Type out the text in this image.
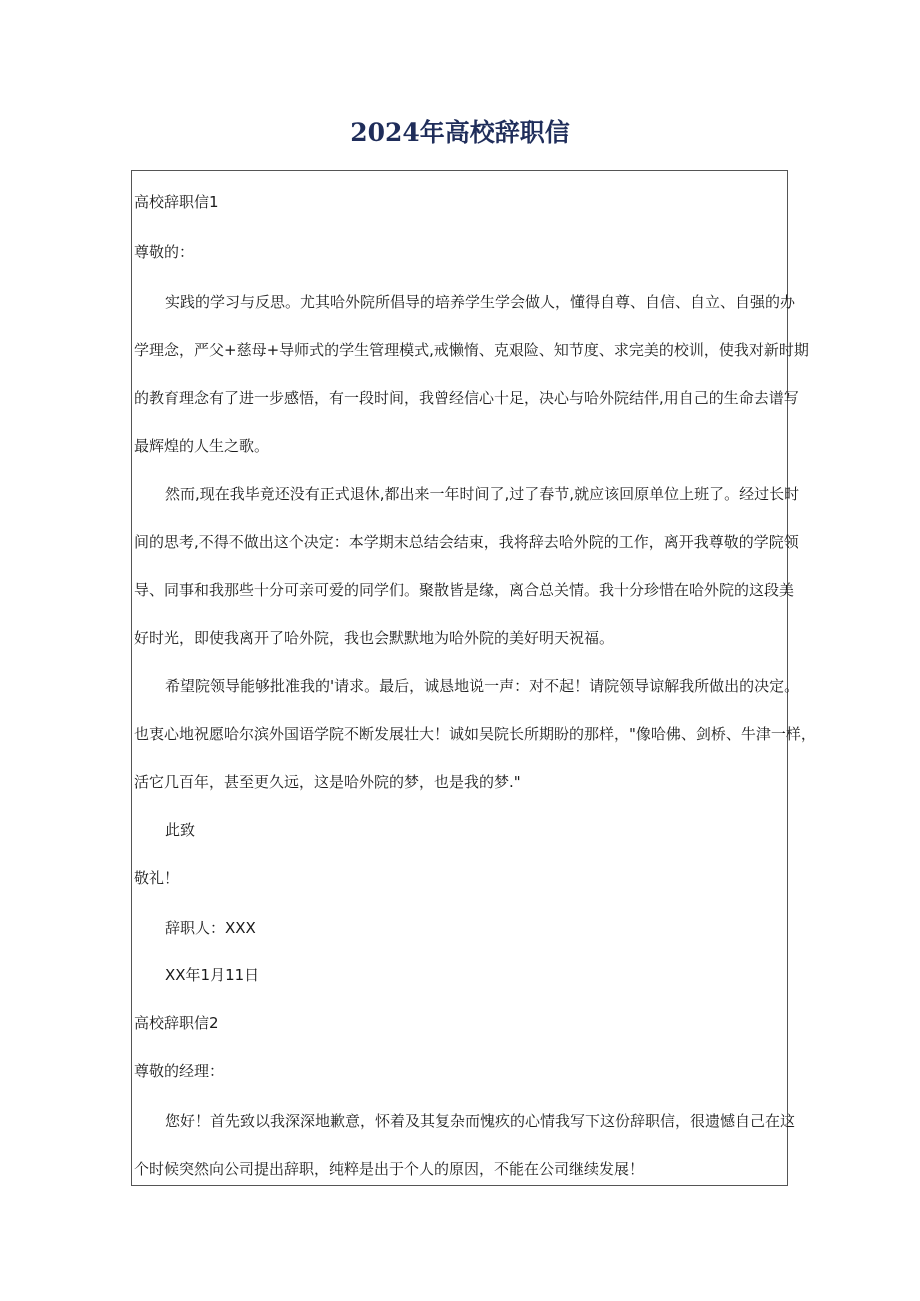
2024年高校辞职信

高校辞职信1

尊敬的：

实践的学习与反思。尤其哈外院所倡导的培养学生学会做人，懂得自尊、自信、自立、自强的办
学理念，严父+慈母+导师式的学生管理模式,戒懒惰、克艰险、知节度、求完美的校训，使我对新时期
的教育理念有了进一步感悟，有一段时间，我曾经信心十足，决心与哈外院结伴,用自己的生命去谱写
最辉煌的人生之歌。
然而,现在我毕竟还没有正式退休,都出来一年时间了,过了春节,就应该回原单位上班了。经过长时
间的思考,不得不做出这个决定：本学期末总结会结束，我将辞去哈外院的工作，离开我尊敬的学院领
导、同事和我那些十分可亲可爱的同学们。聚散皆是缘，离合总关情。我十分珍惜在哈外院的这段美
好时光，即使我离开了哈外院，我也会默默地为哈外院的美好明天祝福。
希望院领导能够批准我的'请求。最后，诚恳地说一声：对不起！请院领导谅解我所做出的决定。
也衷心地祝愿哈尔滨外国语学院不断发展壮大！诚如吴院长所期盼的那样，"像哈佛、剑桥、牛津一样，
活它几百年，甚至更久远，这是哈外院的梦，也是我的梦."

此致

敬礼！

辞职人：XXX

XX年1月11日

高校辞职信2

尊敬的经理：

您好！首先致以我深深地歉意，怀着及其复杂而愧疚的心情我写下这份辞职信，很遗憾自己在这
个时候突然向公司提出辞职，纯粹是出于个人的原因，不能在公司继续发展！
